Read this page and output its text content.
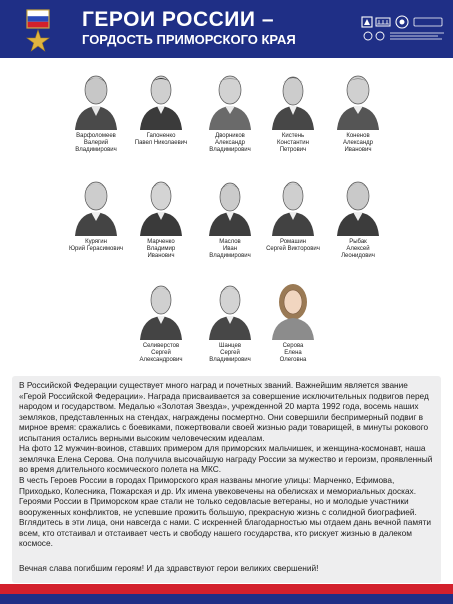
ГЕРОИ РОССИИ –
ГОРДОСТЬ ПРИМОРСКОГО КРАЯ
Варфоломеев
Валерий
Владимирович
Гапоненко
Павел Николаевич
Дворников
Александр
Владимирович
Кистень
Константин
Петрович
Коненов
Александр
Иванович
Курягин
Юрий Герасимович
Марченко
Владимир
Иванович
Маслов
Иван
Владимирович
Ромашин
Сергей Викторович
Рыбак
Алексей
Леонидович
Селиверстов
Сергей
Александрович
Шанцев
Сергей
Владимирович
Серова
Елена
Олеговна

В Российской Федерации существует много наград и почетных званий. Важнейшим является звание «Герой Российской Федерации». Награда присваивается за совершение исключительных подвигов перед народом и государством. Медалью «Золотая Звезда», учрежденной 20 марта 1992 года, восемь наших земляков, представленных на стендах, награждены посмертно. Они совершили беспримерный подвиг в мирное время: сражались с боевиками, пожертвовали своей жизнью ради товарищей, в минуты рокового испытания остались верными высоким человеческим идеалам.

На фото 12 мужчин-воинов, ставших примером для приморских мальчишек, и женщина-космонавт, наша землячка Елена Серова. Она получила высочайшую награду России за мужество и героизм, проявленный во время длительного космического полета на МКС.

В честь Героев России в городах Приморского края названы многие улицы: Марченко, Ефимова, Приходько, Колесника, Пожарская и др. Их имена увековечены на обелисках и мемориальных досках. Героями России в Приморском крае стали не только седовласые ветераны, но и молодые участники вооруженных конфликтов, не успевшие прожить большую, прекрасную жизнь с солидной биографией. Вглядитесь в эти лица, они навсегда с нами. С искренней благодарностью мы отдаем дань вечной памяти всем, кто отстаивал и отстаивает честь и свободу нашего государства, кто рискует жизнью в далеком космосе.

Вечная слава погибшим героям! И да здравствуют герои великих свершений!
